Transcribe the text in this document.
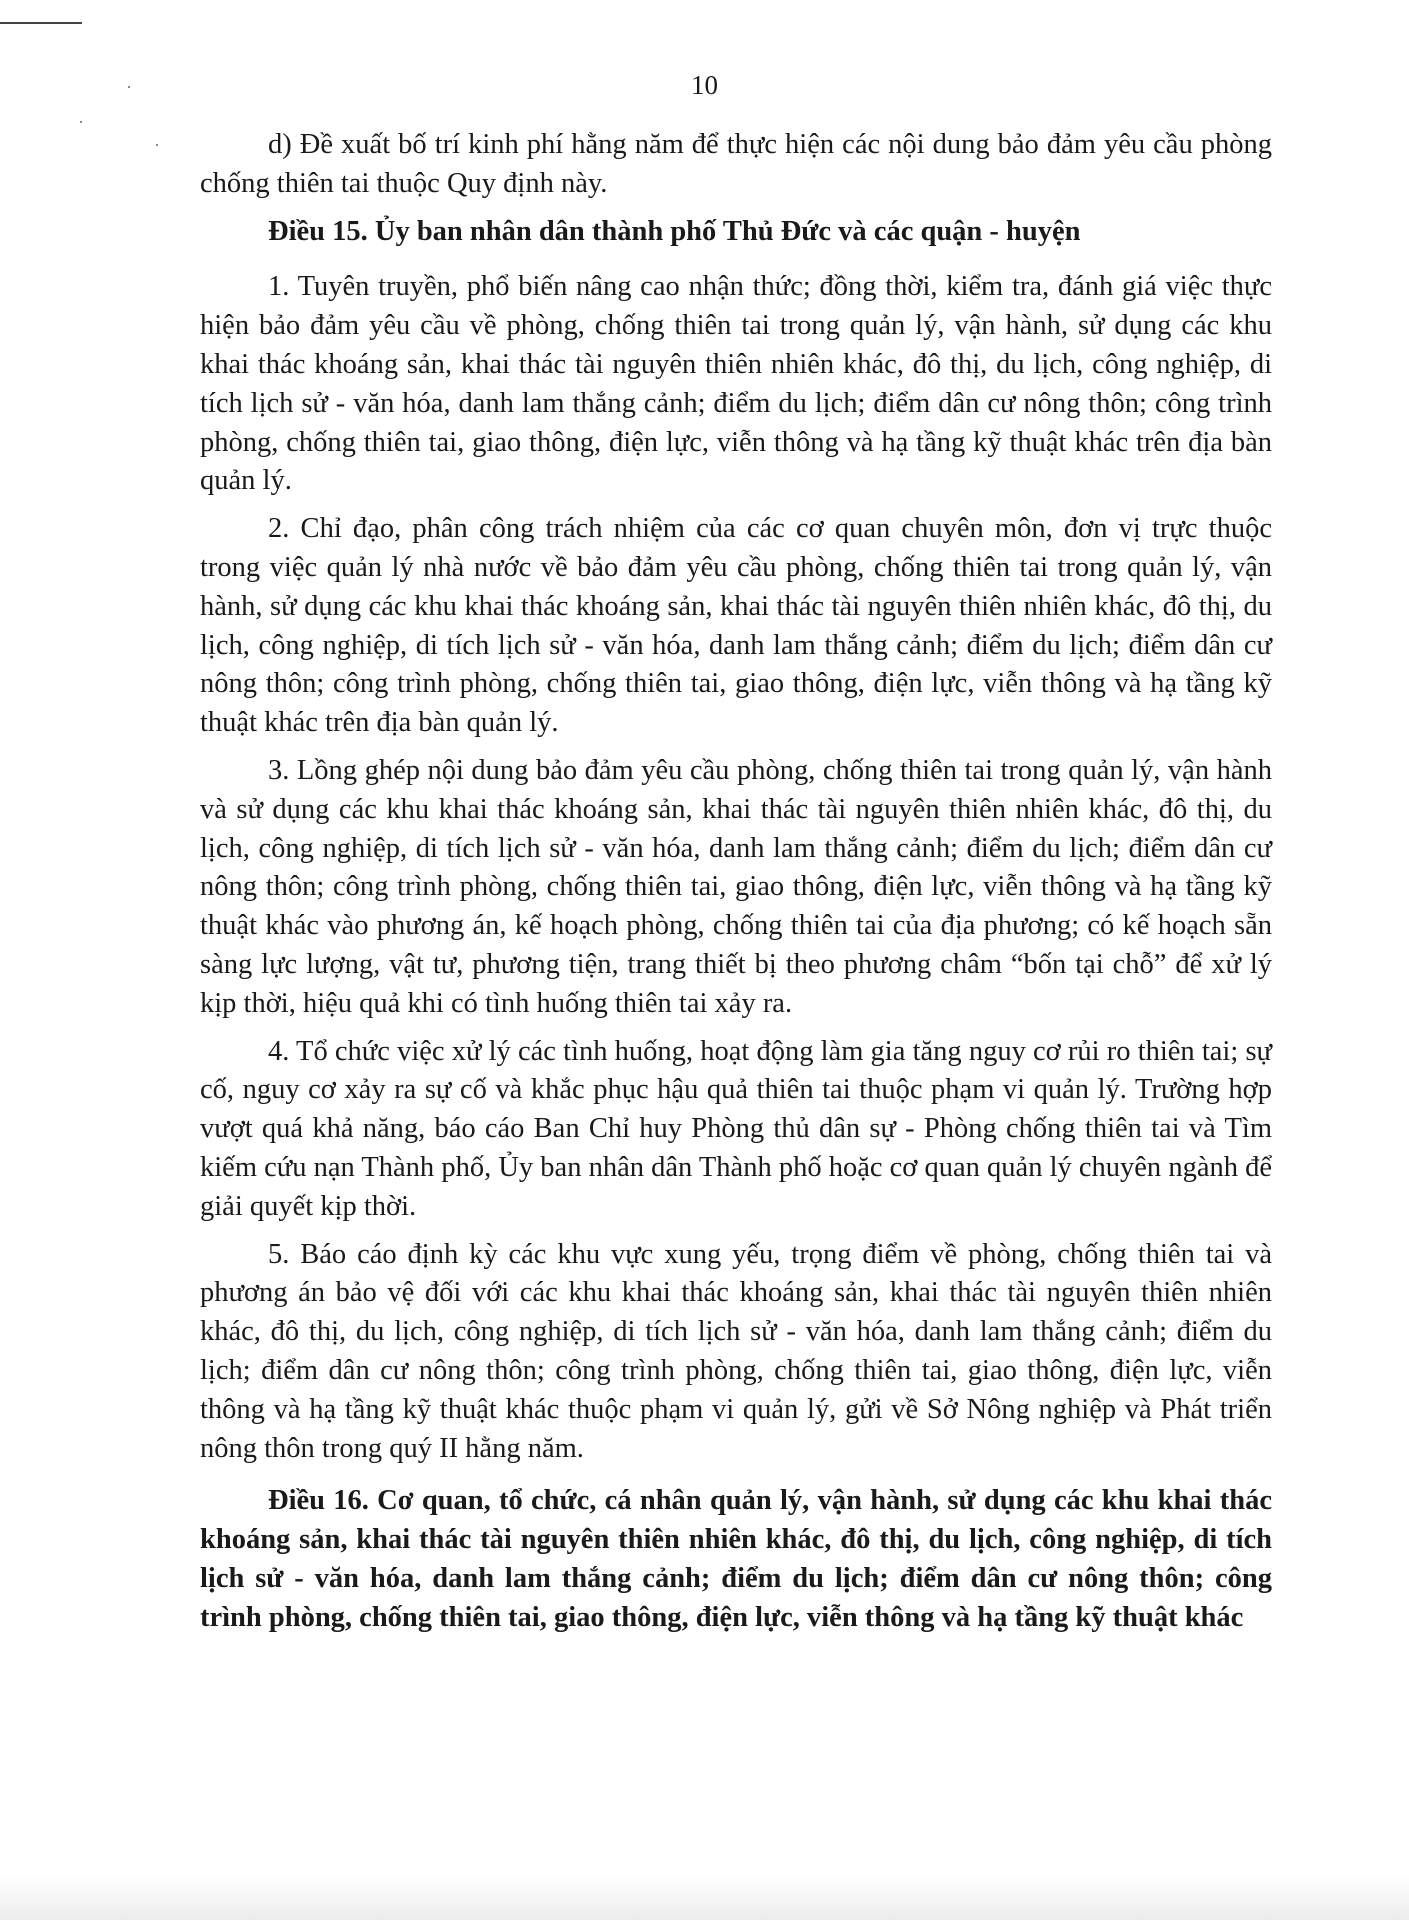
10

d) Đề xuất bố trí kinh phí hằng năm để thực hiện các nội dung bảo đảm yêu cầu phòng chống thiên tai thuộc Quy định này.

Điều 15. Ủy ban nhân dân thành phố Thủ Đức và các quận - huyện

1. Tuyên truyền, phổ biến nâng cao nhận thức; đồng thời, kiểm tra, đánh giá việc thực hiện bảo đảm yêu cầu về phòng, chống thiên tai trong quản lý, vận hành, sử dụng các khu khai thác khoáng sản, khai thác tài nguyên thiên nhiên khác, đô thị, du lịch, công nghiệp, di tích lịch sử - văn hóa, danh lam thắng cảnh; điểm du lịch; điểm dân cư nông thôn; công trình phòng, chống thiên tai, giao thông, điện lực, viễn thông và hạ tầng kỹ thuật khác trên địa bàn quản lý.

2. Chỉ đạo, phân công trách nhiệm của các cơ quan chuyên môn, đơn vị trực thuộc trong việc quản lý nhà nước về bảo đảm yêu cầu phòng, chống thiên tai trong quản lý, vận hành, sử dụng các khu khai thác khoáng sản, khai thác tài nguyên thiên nhiên khác, đô thị, du lịch, công nghiệp, di tích lịch sử - văn hóa, danh lam thắng cảnh; điểm du lịch; điểm dân cư nông thôn; công trình phòng, chống thiên tai, giao thông, điện lực, viễn thông và hạ tầng kỹ thuật khác trên địa bàn quản lý.

3. Lồng ghép nội dung bảo đảm yêu cầu phòng, chống thiên tai trong quản lý, vận hành và sử dụng các khu khai thác khoáng sản, khai thác tài nguyên thiên nhiên khác, đô thị, du lịch, công nghiệp, di tích lịch sử - văn hóa, danh lam thắng cảnh; điểm du lịch; điểm dân cư nông thôn; công trình phòng, chống thiên tai, giao thông, điện lực, viễn thông và hạ tầng kỹ thuật khác vào phương án, kế hoạch phòng, chống thiên tai của địa phương; có kế hoạch sẵn sàng lực lượng, vật tư, phương tiện, trang thiết bị theo phương châm “bốn tại chỗ” để xử lý kịp thời, hiệu quả khi có tình huống thiên tai xảy ra.

4. Tổ chức việc xử lý các tình huống, hoạt động làm gia tăng nguy cơ rủi ro thiên tai; sự cố, nguy cơ xảy ra sự cố và khắc phục hậu quả thiên tai thuộc phạm vi quản lý. Trường hợp vượt quá khả năng, báo cáo Ban Chỉ huy Phòng thủ dân sự - Phòng chống thiên tai và Tìm kiếm cứu nạn Thành phố, Ủy ban nhân dân Thành phố hoặc cơ quan quản lý chuyên ngành để giải quyết kịp thời.

5. Báo cáo định kỳ các khu vực xung yếu, trọng điểm về phòng, chống thiên tai và phương án bảo vệ đối với các khu khai thác khoáng sản, khai thác tài nguyên thiên nhiên khác, đô thị, du lịch, công nghiệp, di tích lịch sử - văn hóa, danh lam thắng cảnh; điểm du lịch; điểm dân cư nông thôn; công trình phòng, chống thiên tai, giao thông, điện lực, viễn thông và hạ tầng kỹ thuật khác thuộc phạm vi quản lý, gửi về Sở Nông nghiệp và Phát triển nông thôn trong quý II hằng năm.

Điều 16. Cơ quan, tổ chức, cá nhân quản lý, vận hành, sử dụng các khu khai thác khoáng sản, khai thác tài nguyên thiên nhiên khác, đô thị, du lịch, công nghiệp, di tích lịch sử - văn hóa, danh lam thắng cảnh; điểm du lịch; điểm dân cư nông thôn; công trình phòng, chống thiên tai, giao thông, điện lực, viễn thông và hạ tầng kỹ thuật khác
